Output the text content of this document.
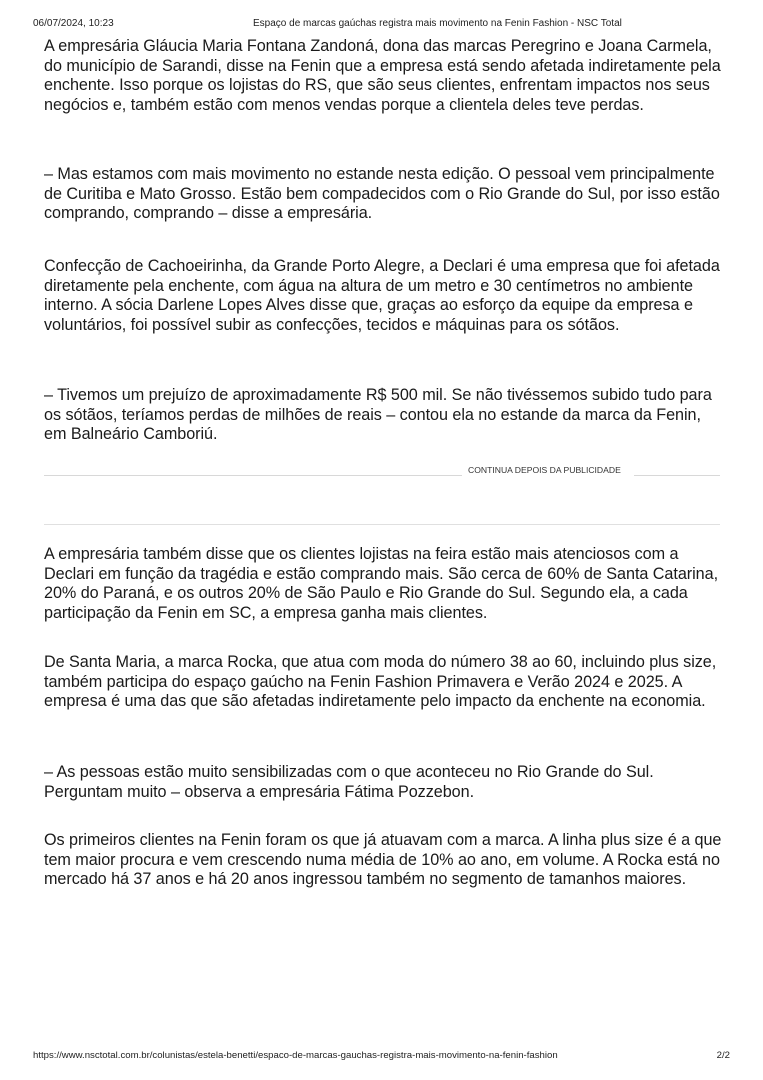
06/07/2024, 10:23	Espaço de marcas gaúchas registra mais movimento na Fenin Fashion - NSC Total

A empresária Gláucia Maria Fontana Zandoná, dona das marcas Peregrino e Joana Carmela, do município de Sarandi, disse na Fenin que a empresa está sendo afetada indiretamente pela enchente. Isso porque os lojistas do RS, que são seus clientes, enfrentam impactos nos seus negócios e, também estão com menos vendas porque a clientela deles teve perdas.

– Mas estamos com mais movimento no estande nesta edição. O pessoal vem principalmente de Curitiba e Mato Grosso. Estão bem compadecidos com o Rio Grande do Sul, por isso estão comprando, comprando – disse a empresária.

Confecção de Cachoeirinha, da Grande Porto Alegre, a Declari é uma empresa que foi afetada diretamente pela enchente, com água na altura de um metro e 30 centímetros no ambiente interno. A sócia Darlene Lopes Alves disse que, graças ao esforço da equipe da empresa e voluntários, foi possível subir as confecções, tecidos e máquinas para os sótãos.

– Tivemos um prejuízo de aproximadamente R$ 500 mil. Se não tivéssemos subido tudo para os sótãos, teríamos perdas de milhões de reais – contou ela no estande da marca da Fenin, em Balneário Camboriú.

CONTINUA DEPOIS DA PUBLICIDADE

A empresária também disse que os clientes lojistas na feira estão mais atenciosos com a Declari em função da tragédia e estão comprando mais. São cerca de 60% de Santa Catarina, 20% do Paraná, e os outros 20% de São Paulo e Rio Grande do Sul. Segundo ela, a cada participação da Fenin em SC, a empresa ganha mais clientes.

De Santa Maria, a marca Rocka, que atua com moda do número 38 ao 60, incluindo plus size, também participa do espaço gaúcho na Fenin Fashion Primavera e Verão 2024 e 2025. A empresa é uma das que são afetadas indiretamente pelo impacto da enchente na economia.

– As pessoas estão muito sensibilizadas com o que aconteceu no Rio Grande do Sul. Perguntam muito – observa a empresária Fátima Pozzebon.

Os primeiros clientes na Fenin foram os que já atuavam com a marca. A linha plus size é a que tem maior procura e vem crescendo numa média de 10% ao ano, em volume. A Rocka está no mercado há 37 anos e há 20 anos ingressou também no segmento de tamanhos maiores.

https://www.nsctotal.com.br/colunistas/estela-benetti/espaco-de-marcas-gauchas-registra-mais-movimento-na-fenin-fashion	2/2
